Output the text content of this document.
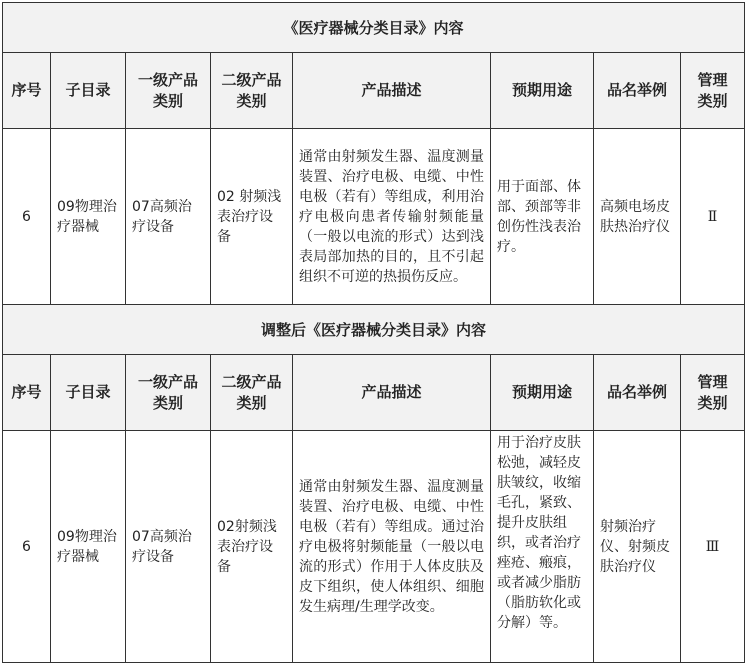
《医疗器械分类目录》内容							
序号	子目录	一级产品类别	二级产品类别	产品描述	预期用途	品名举例	管理类别
6	09物理治疗器械	07高频治疗设备	02 射频浅表治疗设备	通常由射频发生器、温度测量装置、治疗电极、电缆、中性电极（若有）等组成，利用治疗电极向患者传输射频能量（一般以电流的形式）达到浅表局部加热的目的，且不引起组织不可逆的热损伤反应。	用于面部、体部、颈部等非创伤性浅表治疗。	高频电场皮肤热治疗仪	Ⅱ
调整后《医疗器械分类目录》内容							
序号	子目录	一级产品类别	二级产品类别	产品描述	预期用途	品名举例	管理类别
6	09物理治疗器械	07高频治疗设备	02射频浅表治疗设备	通常由射频发生器、温度测量装置、治疗电极、电缆、中性电极（若有）等组成。通过治疗电极将射频能量（一般以电流的形式）作用于人体皮肤及皮下组织，使人体组织、细胞发生病理/生理学改变。	用于治疗皮肤松弛，减轻皮肤皱纹，收缩毛孔，紧致、提升皮肤组织，或者治疗痤疮、瘢痕，或者减少脂肪（脂肪软化或分解）等。	射频治疗仪、射频皮肤治疗仪	Ⅲ
